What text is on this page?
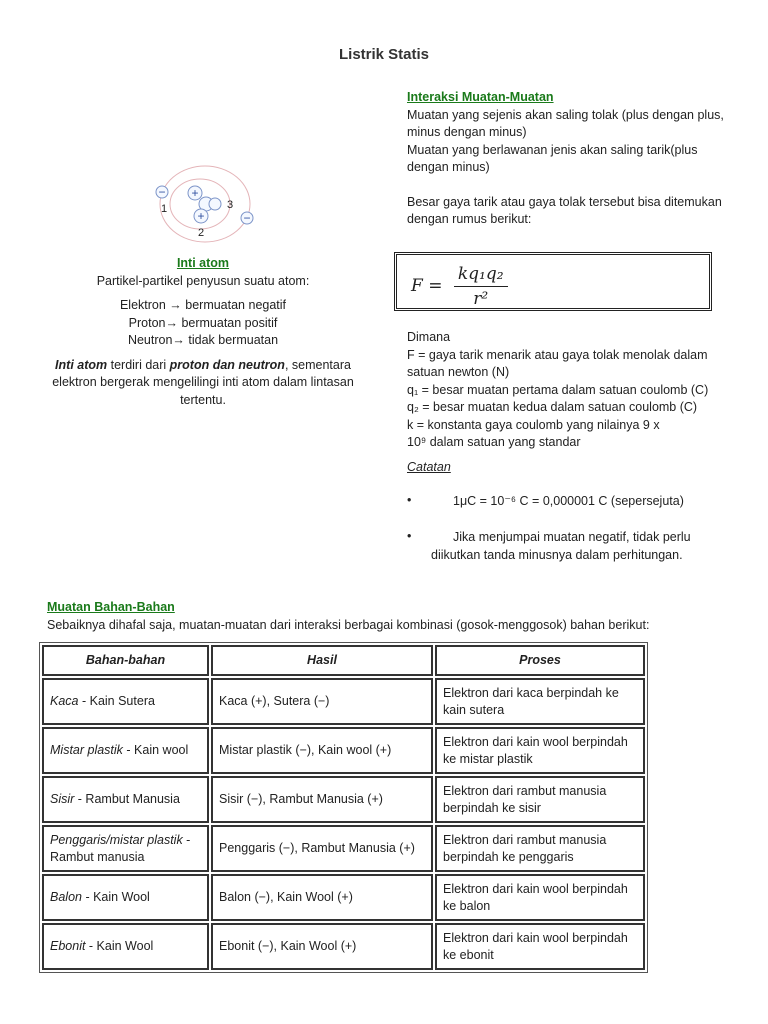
Listrik Statis
+
+
−
−
1
2
3

Inti atom

Partikel-partikel penyusun suatu atom:

Elektron → bermuatan negatif

Proton→ bermuatan positif

Neutron→ tidak bermuatan

Inti atom terdiri dari proton dan neutron, sementara elektron bergerak mengelilingi inti atom dalam lintasan tertentu.

Interaksi Muatan-Muatan

Muatan yang sejenis akan saling tolak (plus dengan plus, minus dengan minus)

Muatan yang berlawanan jenis akan saling tarik(plus dengan minus)

Besar gaya tarik atau gaya tolak tersebut bisa ditemukan dengan rumus berikut:

$F = \frac{\text{kq₁q₂}}{\text{r²}}$

Dimana

F = gaya tarik menarik atau gaya tolak menolak dalam satuan newton (N)

q₁ = besar muatan pertama dalam satuan coulomb (C)

q₂ = besar muatan kedua dalam satuan coulomb (C)

k = konstanta gaya coulomb yang nilainya 9 x

10⁹ dalam satuan yang standar

Catatan

•	1μC = 10⁻⁶ C = 0,000001 C (sepersejuta)
•	Jika menjumpai muatan negatif, tidak perlu diikutkan tanda minusnya dalam perhitungan.
Muatan Bahan-Bahan
Sebaiknya dihafal saja, muatan-muatan dari interaksi berbagai kombinasi (gosok-menggosok) bahan berikut:
Bahan-bahan	Hasil	Proses
Kaca - Kain Sutera	Kaca (+), Sutera (−)	Elektron dari kaca berpindah ke kain sutera
Mistar plastik - Kain wool	Mistar plastik (−), Kain wool (+)	Elektron dari kain wool berpindah ke mistar plastik
Sisir - Rambut Manusia	Sisir (−), Rambut Manusia (+)	Elektron dari rambut manusia berpindah ke sisir
Penggaris/mistar plastik - Rambut manusia	Penggaris (−), Rambut Manusia (+)	Elektron dari rambut manusia berpindah ke penggaris
Balon - Kain Wool	Balon (−), Kain Wool (+)	Elektron dari kain wool berpindah ke balon
Ebonit - Kain Wool	Ebonit (−), Kain Wool (+)	Elektron dari kain wool berpindah ke ebonit
